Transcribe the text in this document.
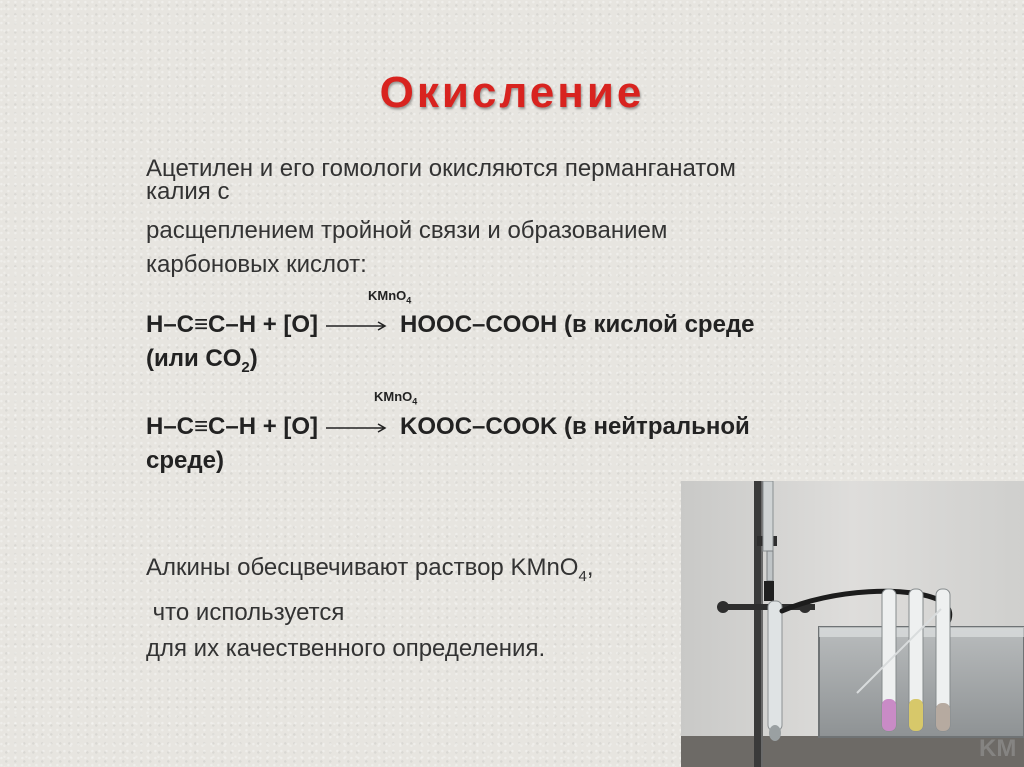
Окисление
Ацетилен и его гомологи окисляются перманганатом
калия с
расщеплением тройной связи и образованием
карбоновых кислот:
KMnO$_4$
H–C≡C–H + [O] → HOOC–COOH (в кислой среде
(или $CO_2$)
KMnO$_4$
H–C≡C–H + [O] → KOOC–COOK (в нейтральной
среде)
Алкины обесцвечивают раствор KMnO$_4$,
что используется
для их качественного определения.
KM
